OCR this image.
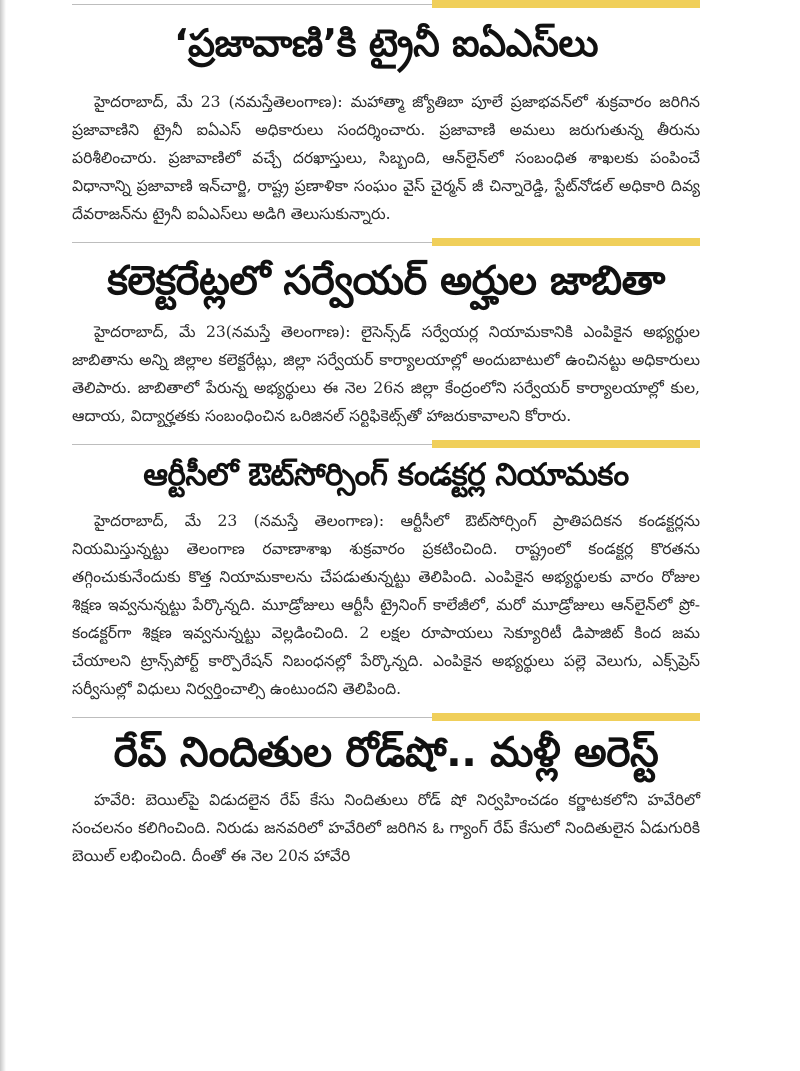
‘ప్రజావాణి’కి ట్రైనీ ఐఏఎస్‌లు

హైదరాబాద్, మే 23 (నమస్తేతెలంగాణ): మహాత్మా జ్యోతిబా పూలే ప్రజాభవన్‌లో శుక్రవారం జరిగిన ప్రజావాణిని ట్రైనీ ఐఏఎస్ అధికారులు సందర్శించారు. ప్రజావాణి అమలు జరుగుతున్న తీరును పరిశీలించారు. ప్రజావాణిలో వచ్చే దరఖాస్తులు, సిబ్బంది, ఆన్‌లైన్‌లో సంబంధిత శాఖలకు పంపించే విధానాన్ని ప్రజావాణి ఇన్‌చార్జి, రాష్ట్ర ప్రణాళికా సంఘం వైస్ చైర్మన్ జీ చిన్నారెడ్డి, స్టేట్‌నోడల్ అధికారి దివ్య దేవరాజన్‌ను ట్రైనీ ఐఏఎస్‌లు అడిగి తెలుసుకున్నారు.

కలెక్టరేట్లలో సర్వేయర్ అర్హుల జాబితా

హైదరాబాద్, మే 23(నమస్తే తెలంగాణ): లైసెన్స్‌డ్ సర్వేయర్ల నియామకానికి ఎంపికైన అభ్యర్థుల జాబితాను అన్ని జిల్లాల కలెక్టరేట్లు, జిల్లా సర్వేయర్ కార్యాలయాల్లో అందుబాటులో ఉంచినట్టు అధికారులు తెలిపారు. జాబితాలో పేరున్న అభ్యర్థులు ఈ నెల 26న జిల్లా కేంద్రంలోని సర్వేయర్ కార్యాలయాల్లో కుల, ఆదాయ, విద్యార్హతకు సంబంధించిన ఒరిజినల్ సర్టిఫికెట్స్‌తో హాజరుకావాలని కోరారు.

ఆర్టీసీలో ఔట్‌సోర్సింగ్ కండక్టర్ల నియామకం

హైదరాబాద్, మే 23 (నమస్తే తెలంగాణ): ఆర్టీసీలో ఔట్‌సోర్సింగ్ ప్రాతిపదికన కండక్టర్లను నియమిస్తున్నట్టు తెలంగాణ రవాణాశాఖ శుక్రవారం ప్రకటించింది. రాష్ట్రంలో కండక్టర్ల కొరతను తగ్గించుకునేందుకు కొత్త నియామకాలను చేపడుతున్నట్టు తెలిపింది. ఎంపికైన అభ్యర్థులకు వారం రోజుల శిక్షణ ఇవ్వనున్నట్టు పేర్కొన్నది. మూడ్రోజులు ఆర్టీసీ ట్రైనింగ్ కాలేజీలో, మరో మూడ్రోజులు ఆన్‌లైన్‌లో ప్రో-కండక్టర్‌గా శిక్షణ ఇవ్వనున్నట్టు వెల్లడించింది. 2 లక్షల రూపాయలు సెక్యూరిటీ డిపాజిట్ కింద జమ చేయాలని ట్రాన్స్‌పోర్ట్ కార్పొరేషన్ నిబంధనల్లో పేర్కొన్నది. ఎంపికైన అభ్యర్థులు పల్లె వెలుగు, ఎక్స్‌ప్రెస్ సర్వీసుల్లో విధులు నిర్వర్తించాల్సి ఉంటుందని తెలిపింది.

రేప్ నిందితుల రోడ్‌షో.. మళ్లీ అరెస్ట్

హవేరి: బెయిల్‌పై విడుదలైన రేప్ కేసు నిందితులు రోడ్ షో నిర్వహించడం కర్ణాటకలోని హవేరిలో సంచలనం కలిగించింది. నిరుడు జనవరిలో హవేరిలో జరిగిన ఓ గ్యాంగ్ రేప్ కేసులో నిందితులైన ఏడుగురికి బెయిల్ లభించింది. దీంతో ఈ నెల 20న హావేరి
